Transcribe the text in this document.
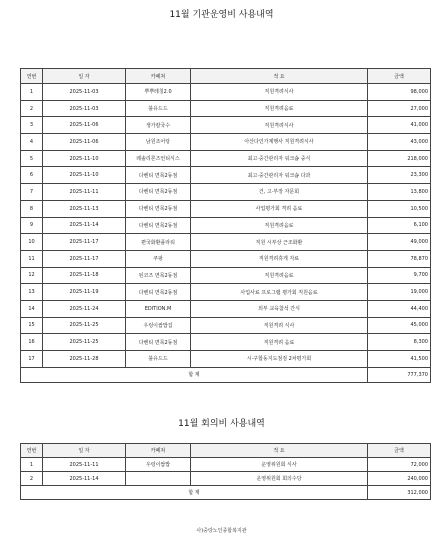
11월 기관운영비 사용내역
연번	일 자	카페쳐	적 요	금액
1	2025-11-03	뿌뿌레칭2.0	직원격려식사	98,000
2	2025-11-03	블유드드	직원격려음료	27,000
3	2025-11-06	생가칼국수	직원격려식사	41,000
4	2025-11-06	남원조어탕	아산다인가계행사 직원격려식사	43,000
5	2025-11-10	레솔리론즈언티식스	최고·중간관리자 워크숍 중식	218,000
6	2025-11-10	다벤티 면목2동점	최고·중간관리자 워크숍 다과	23,300
7	2025-11-11	다벤티 면목2동점	건, 고·부장 자문회	13,800
8	2025-11-13	다벤티 면목2동점	사업평가회 격려 음료	10,500
9	2025-11-14	다벤티 면목2동점	직원격려음료	6,100
10	2025-11-17	편국화환플라워	직원 시부상 근조화환	49,000
11	2025-11-17	쿠팡	직원격려휴게 자료	78,870
12	2025-11-18	된코즈 면목2동점	직원격려음료	9,700
13	2025-11-19	다벤티 면목2동점	사업사료 프로그램 평가회 직원음료	19,000
14	2025-11-24	EDITION.M	외부 교육참석 간식	44,400
15	2025-11-25	우렁이쌈밥집	직원격려 식사	45,000
16	2025-11-25	다벤티 면목2동점	직원격려 음료	8,300
17	2025-11-28	블유드드	시·구합동지도점검 2차평가회	41,500
합 계				777,370
11월 회의비 사용내역
연번	일 자	카페쳐	적 요	금액
1	2025-11-11	우렁이쌈밥	운영위원회 식사	72,000
2	2025-11-14		운영위원회 회의수당	240,000
합 계				312,000
사)중랑노인종합복지관
